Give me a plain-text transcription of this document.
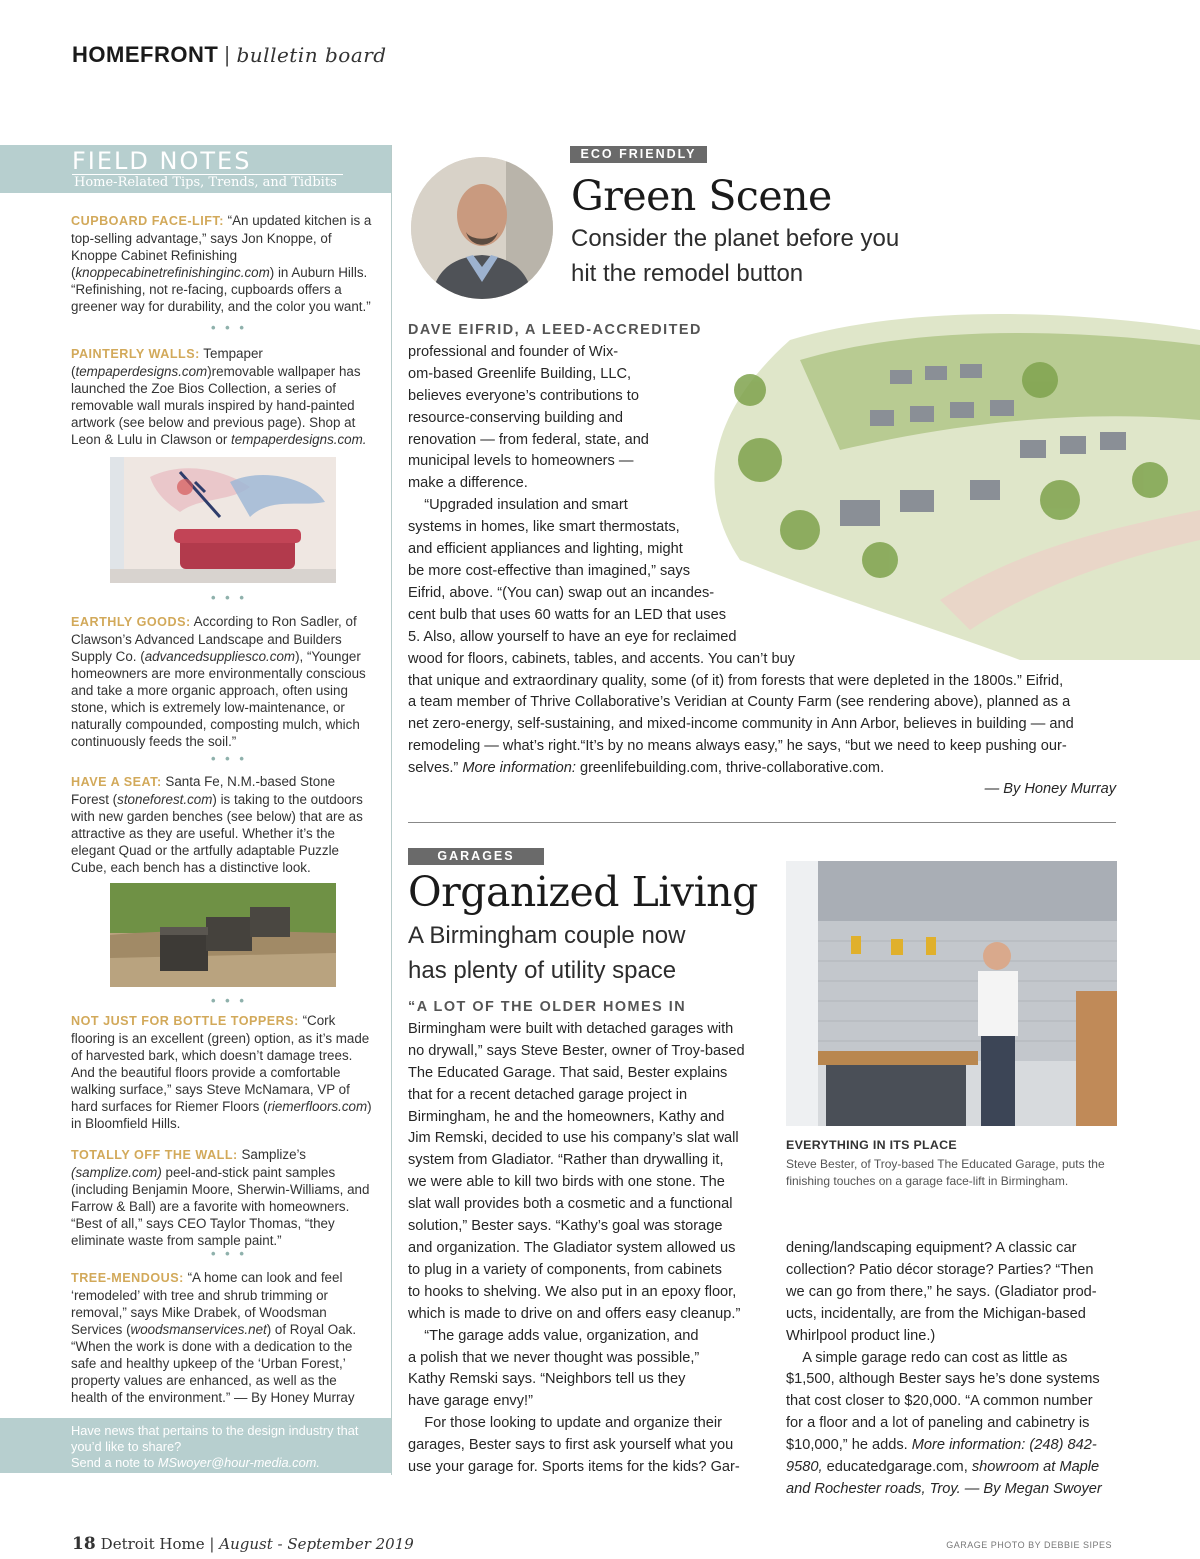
HOMEFRONT | bulletin board
FIELD NOTES
Home-Related Tips, Trends, and Tidbits
CUPBOARD FACE-LIFT: “An updated kitchen is a top-selling advantage,” says Jon Knoppe, of Knoppe Cabinet Refinishing (knoppecabinetrefinishinginc.com) in Auburn Hills. “Refinishing, not re-facing, cupboards offers a greener way for durability, and the color you want.”
• • •
PAINTERLY WALLS: Tempaper (tempaperdesigns.com)removable wallpaper has launched the Zoe Bios Collection, a series of removable wall murals inspired by hand-painted artwork (see below and previous page). Shop at Leon & Lulu in Clawson or tempaperdesigns.com.
• • •
EARTHLY GOODS: According to Ron Sadler, of Clawson’s Advanced Landscape and Builders Supply Co. (advancedsuppliesco.com), “Younger homeowners are more environmentally conscious and take a more organic approach, often using stone, which is extremely low-maintenance, or naturally compounded, composting mulch, which continuously feeds the soil.”
• • •
HAVE A SEAT: Santa Fe, N.M.-based Stone Forest (stoneforest.com) is taking to the outdoors with new garden benches (see below) that are as attractive as they are useful. Whether it’s the elegant Quad or the artfully adaptable Puzzle Cube, each bench has a distinctive look.
• • •
NOT JUST FOR BOTTLE TOPPERS: “Cork flooring is an excellent (green) option, as it’s made of harvested bark, which doesn’t damage trees. And the beautiful floors provide a comfortable walking surface,” says Steve McNamara, VP of hard surfaces for Riemer Floors (riemerfloors.com) in Bloomfield Hills.
TOTALLY OFF THE WALL: Samplize’s (samplize.com) peel-and-stick paint samples (including Benjamin Moore, Sherwin-Williams, and Farrow & Ball) are a favorite with homeowners. “Best of all,” says CEO Taylor Thomas, “they eliminate waste from sample paint.”
• • •
TREE-MENDOUS: “A home can look and feel ‘remodeled’ with tree and shrub trimming or removal,” says Mike Drabek, of Woodsman Services (woodsmanservices.net) of Royal Oak. “When the work is done with a dedication to the safe and healthy upkeep of the ‘Urban Forest,’ property values are enhanced, as well as the health of the environment.” — By Honey Murray

Have news that pertains to the design industry that you’d like to share?
Send a note to MSwoyer@hour-media.com.

ECO FRIENDLY
Green Scene
Consider the planet before you
hit the remodel button
DAVE EIFRID, A LEED-ACCREDITED
professional and founder of Wix-
om-based Greenlife Building, LLC,
believes everyone’s contributions to
resource-conserving building and
renovation — from federal, state, and
municipal levels to homeowners —
make a difference.
“Upgraded insulation and smart
systems in homes, like smart thermostats,
and efficient appliances and lighting, might
be more cost-effective than imagined,” says
Eifrid, above. “(You can) swap out an incandes-
cent bulb that uses 60 watts for an LED that uses
5. Also, allow yourself to have an eye for reclaimed
wood for floors, cabinets, tables, and accents. You can’t buy
that unique and extraordinary quality, some (of it) from forests that were depleted in the 1800s.” Eifrid,
a team member of Thrive Collaborative’s Veridian at County Farm (see rendering above), planned as a
net zero-energy, self-sustaining, and mixed-income community in Ann Arbor, believes in building — and
remodeling — what’s right.“It’s by no means always easy,” he says, “but we need to keep pushing our-
selves.” More information: greenlifebuilding.com, thrive-collaborative.com.
— By Honey Murray
GARAGES
Organized Living
A Birmingham couple now
has plenty of utility space
“A LOT OF THE OLDER HOMES IN
Birmingham were built with detached garages with
no drywall,” says Steve Bester, owner of Troy-based
The Educated Garage. That said, Bester explains
that for a recent detached garage project in
Birmingham, he and the homeowners, Kathy and
Jim Remski, decided to use his company’s slat wall
system from Gladiator. “Rather than drywalling it,
we were able to kill two birds with one stone. The
slat wall provides both a cosmetic and a functional
solution,” Bester says. “Kathy’s goal was storage
and organization. The Gladiator system allowed us
to plug in a variety of components, from cabinets
to hooks to shelving. We also put in an epoxy floor,
which is made to drive on and offers easy cleanup.”
“The garage adds value, organization, and
a polish that we never thought was possible,”
Kathy Remski says. “Neighbors tell us they
have garage envy!”
For those looking to update and organize their
garages, Bester says to first ask yourself what you
use your garage for. Sports items for the kids? Gar-
EVERYTHING IN ITS PLACE
Steve Bester, of Troy-based The Educated Garage, puts the finishing touches on a garage face-lift in Birmingham.
dening/landscaping equipment? A classic car
collection? Patio décor storage? Parties? “Then
we can go from there,” he says. (Gladiator prod-
ucts, incidentally, are from the Michigan-based
Whirlpool product line.)
A simple garage redo can cost as little as
$1,500, although Bester says he’s done systems
that cost closer to $20,000. “A common number
for a floor and a lot of paneling and cabinetry is
$10,000,” he adds. More information: (248) 842-
9580, educatedgarage.com, showroom at Maple
and Rochester roads, Troy. — By Megan Swoyer
18 Detroit Home | August - September 2019	GARAGE PHOTO BY DEBBIE SIPES
